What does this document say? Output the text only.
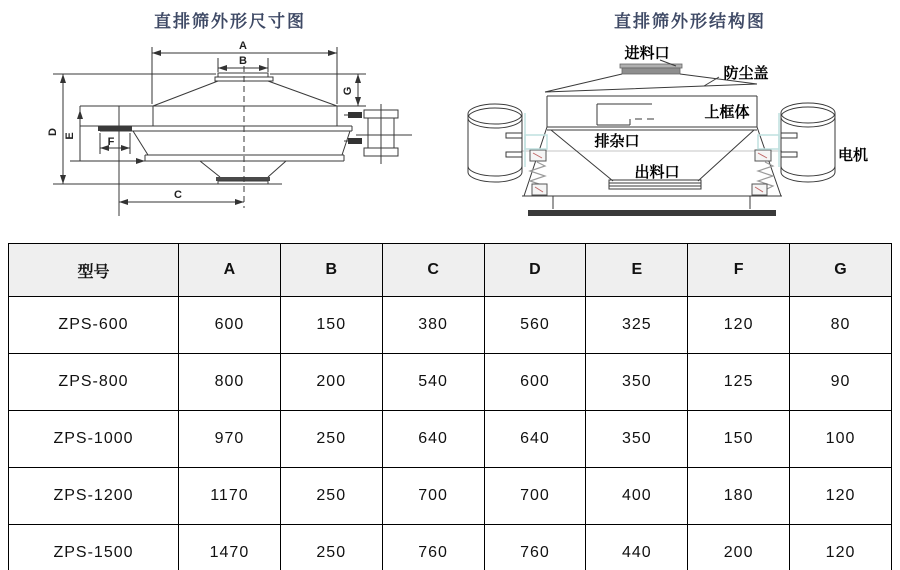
直排筛外形尺寸图	直排筛外形结构图
A
B
C
D
E	F
G
进料口
防尘盖
上框体
排杂口
出料口
电机
型号	A	B	C	D	E	F	G
ZPS-600	600	150	380	560	325	120	80
ZPS-800	800	200	540	600	350	125	90
ZPS-1000	970	250	640	640	350	150	100
ZPS-1200	1170	250	700	700	400	180	120
ZPS-1500	1470	250	760	760	440	200	120
